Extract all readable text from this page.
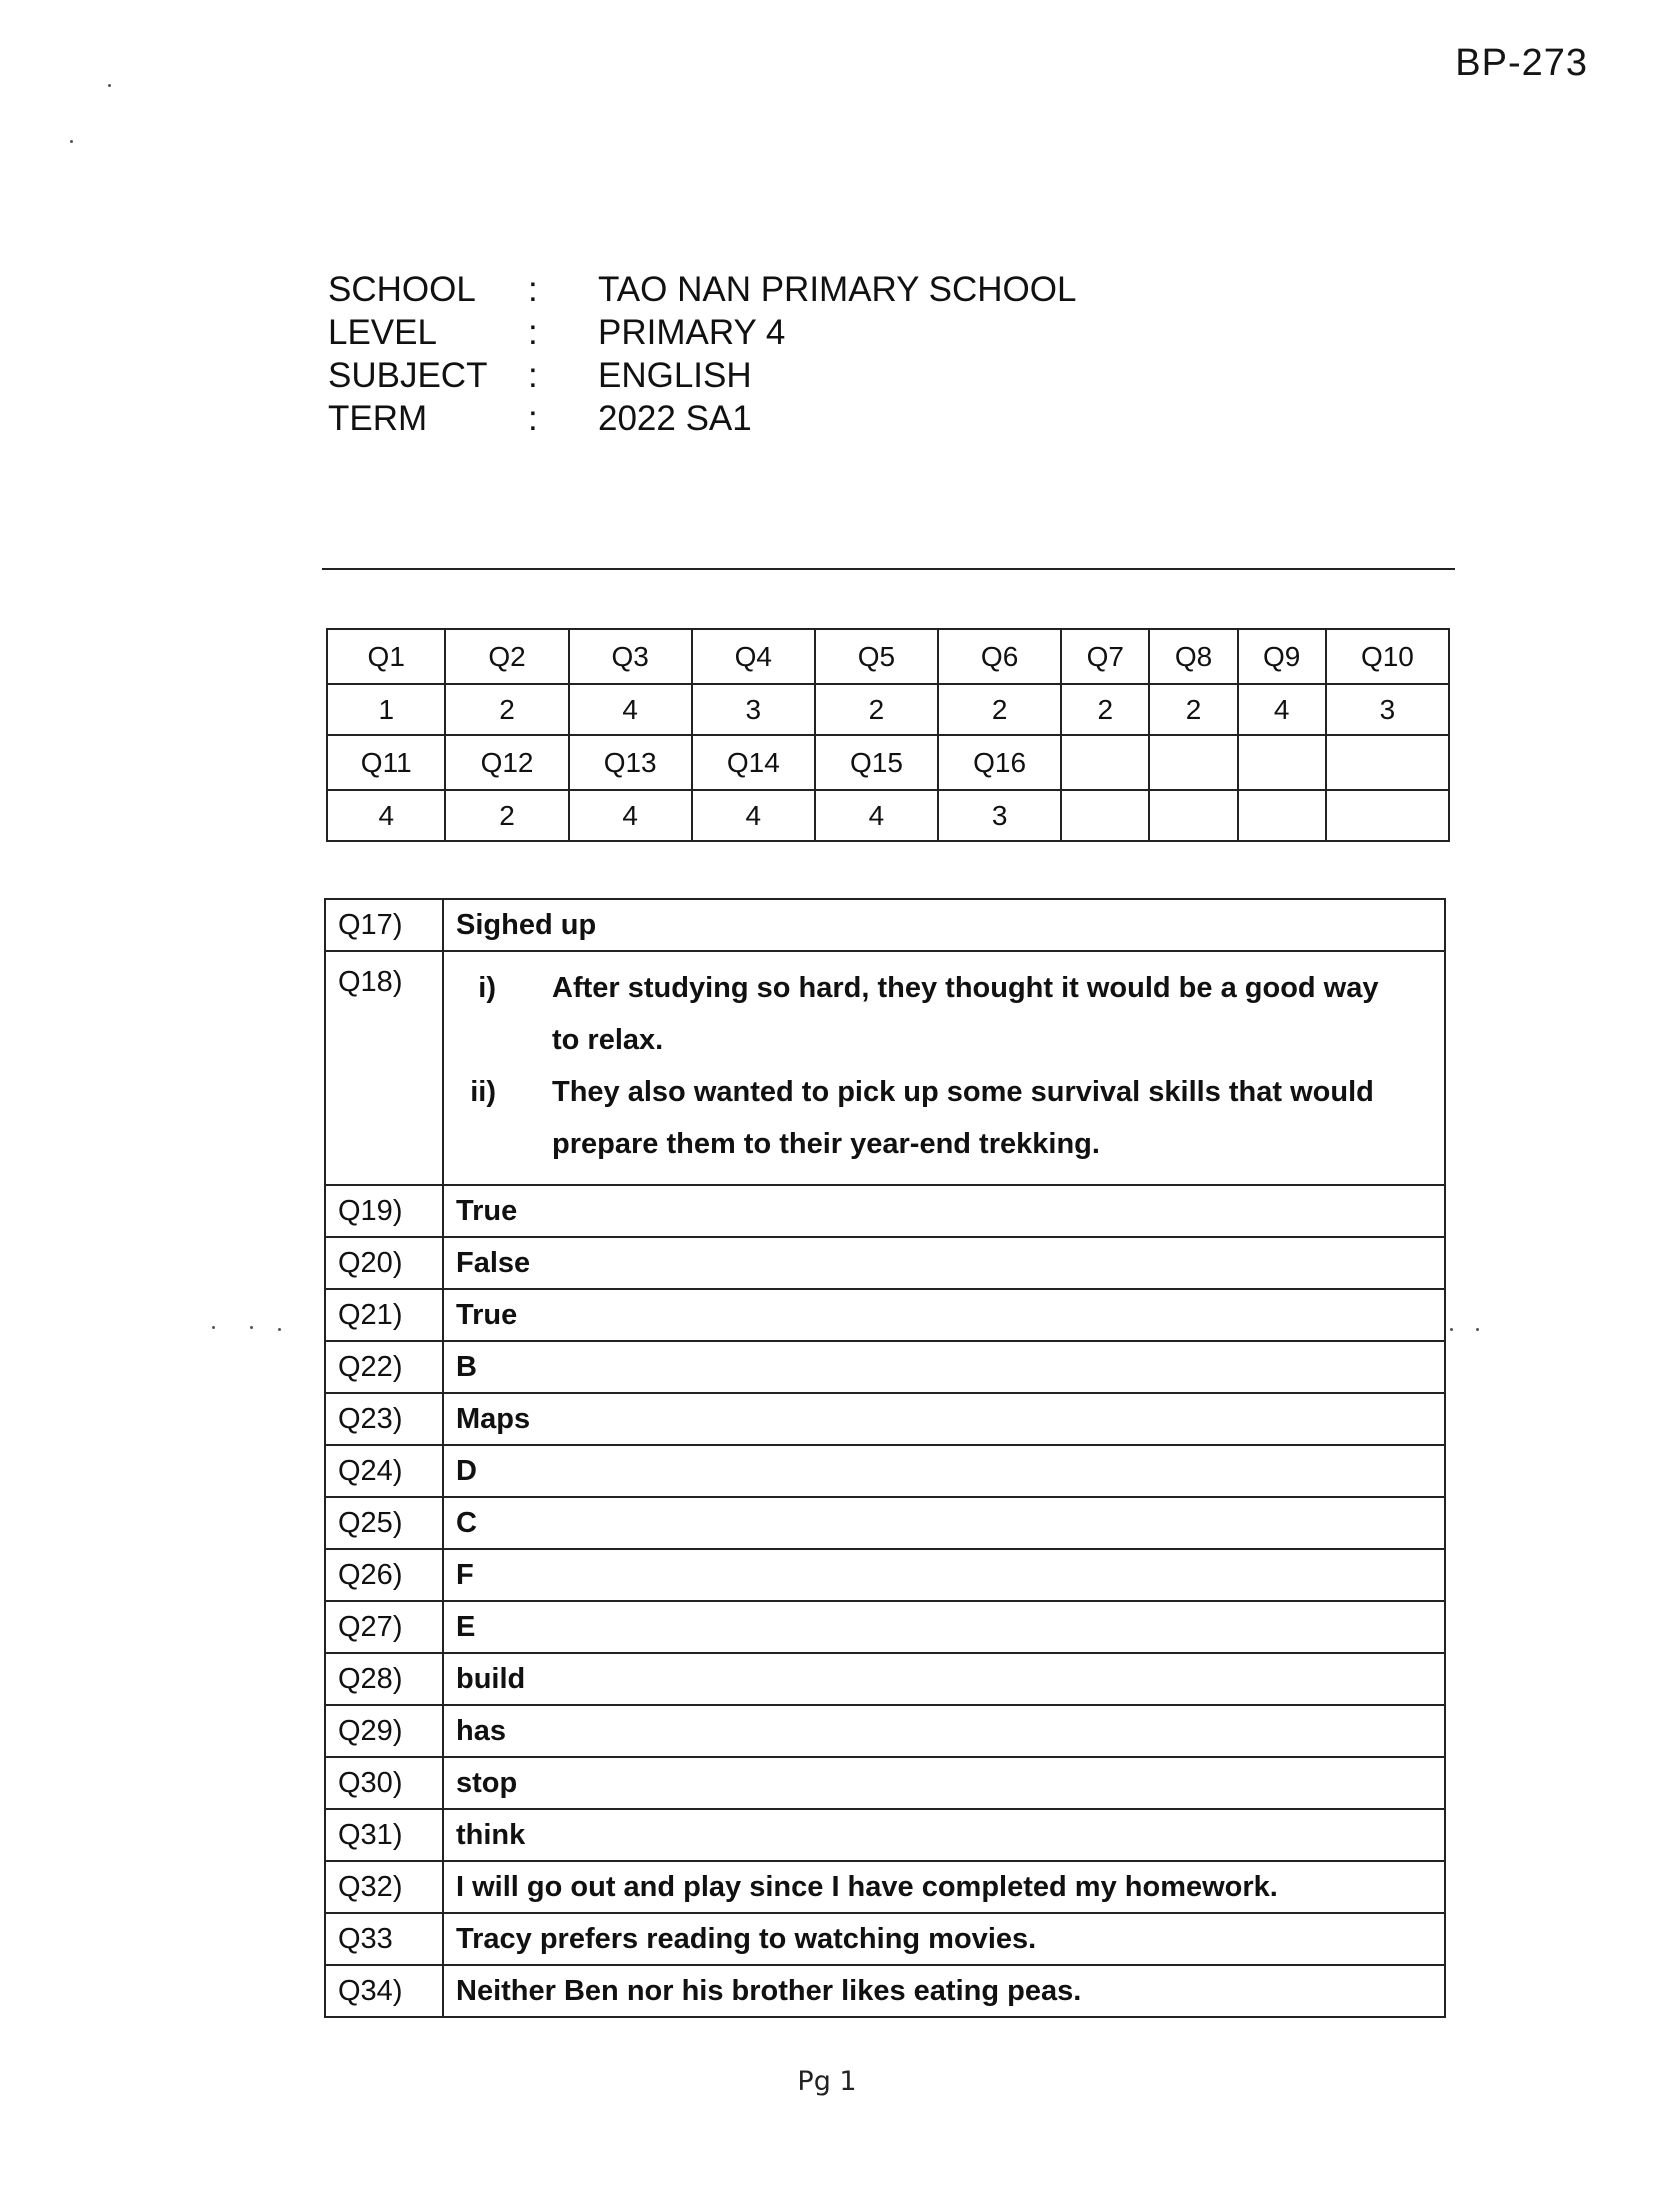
BP-273
SCHOOL	:	TAO NAN PRIMARY SCHOOL
LEVEL	:	PRIMARY 4
SUBJECT	:	ENGLISH
TERM	:	2022 SA1
Q1	Q2	Q3	Q4	Q5	Q6	Q7	Q8	Q9	Q10
1	2	4	3	2	2	2	2	4	3
Q11	Q12	Q13	Q14	Q15	Q16				
4	2	4	4	4	3				
Q17)	Sighed up
Q18)	i) After studying so hard, they thought it would be a good way to relax.
ii) They also wanted to pick up some survival skills that would prepare them to their year-end trekking.

Q19)	True
Q20)	False
Q21)	True
Q22)	B
Q23)	Maps
Q24)	D
Q25)	C
Q26)	F
Q27)	E
Q28)	build
Q29)	has
Q30)	stop
Q31)	think
Q32)	I will go out and play since I have completed my homework.
Q33	Tracy prefers reading to watching movies.
Q34)	Neither Ben nor his brother likes eating peas.
Pg 1
